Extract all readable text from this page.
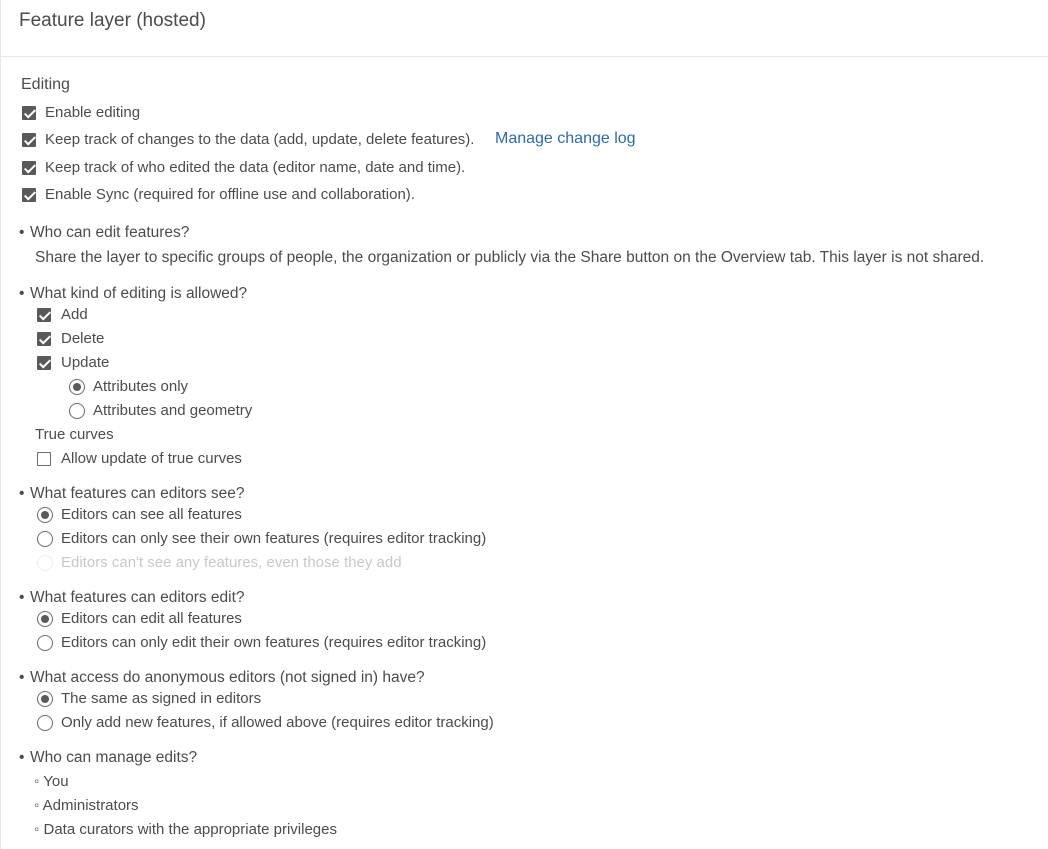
Feature layer (hosted)
Editing
Enable editing
Keep track of changes to the data (add, update, delete features). Manage change log
Keep track of who edited the data (editor name, date and time).
Enable Sync (required for offline use and collaboration).
• Who can edit features?
Share the layer to specific groups of people, the organization or publicly via the Share button on the Overview tab. This layer is not shared.
• What kind of editing is allowed?
Add
Delete
Update
Attributes only
Attributes and geometry
True curves
Allow update of true curves
• What features can editors see?
Editors can see all features
Editors can only see their own features (requires editor tracking)
Editors can't see any features, even those they add
• What features can editors edit?
Editors can edit all features
Editors can only edit their own features (requires editor tracking)
• What access do anonymous editors (not signed in) have?
The same as signed in editors
Only add new features, if allowed above (requires editor tracking)
• Who can manage edits?
◦ You
◦ Administrators
◦ Data curators with the appropriate privileges
